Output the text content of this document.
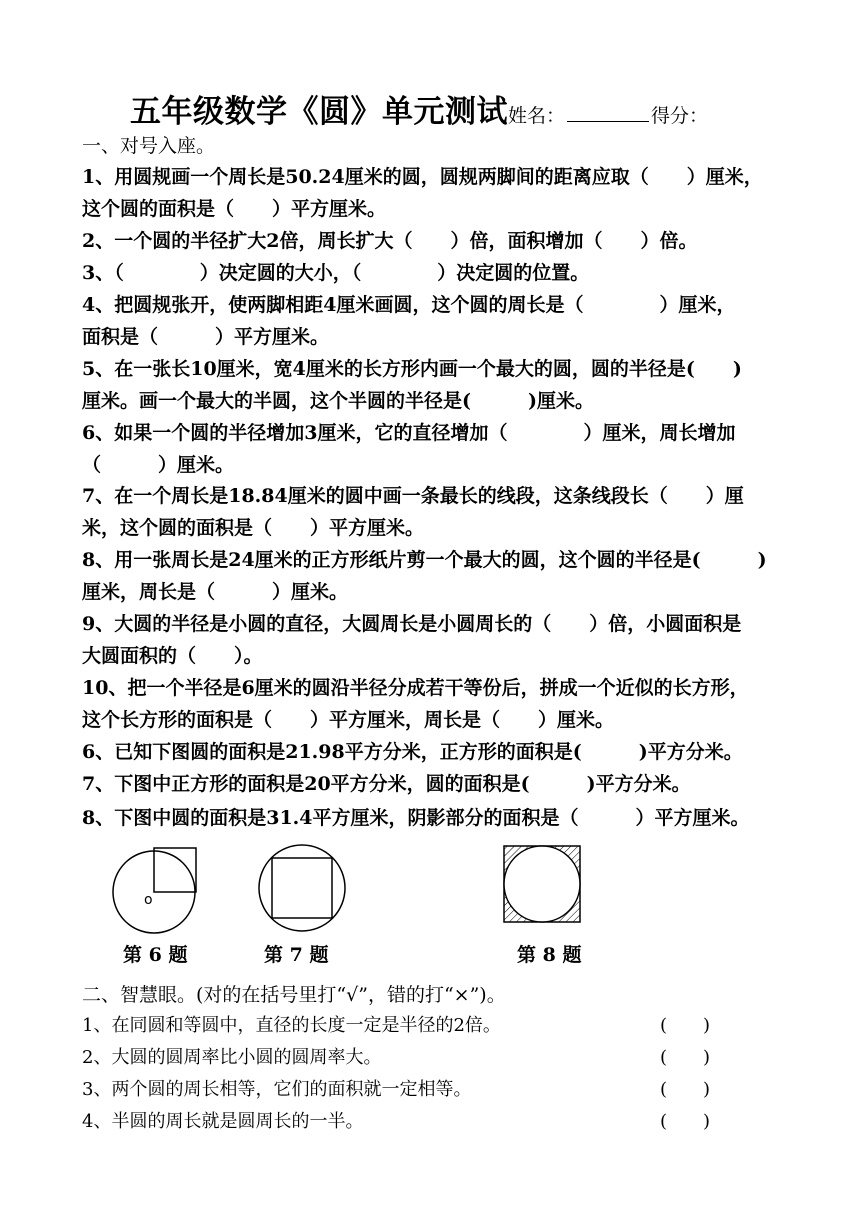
五年级数学《圆》单元测试姓名：	得分：
一、对号入座。
1、用圆规画一个周长是50.24厘米的圆，圆规两脚间的距离应取（　　）厘米，
这个圆的面积是（　　）平方厘米。
2、一个圆的半径扩大2倍，周长扩大（　　）倍，面积增加（　　）倍。
3、（　　　　）决定圆的大小，（　　　　）决定圆的位置。
4、把圆规张开，使两脚相距4厘米画圆，这个圆的周长是（　　　　）厘米，
面积是（　　　）平方厘米。
5、在一张长10厘米，宽4厘米的长方形内画一个最大的圆，圆的半径是(　　)
厘米。画一个最大的半圆，这个半圆的半径是(　　　)厘米。
6、如果一个圆的半径增加3厘米，它的直径增加（　　　　）厘米，周长增加
（　　　）厘米。
7、在一个周长是18.84厘米的圆中画一条最长的线段，这条线段长（　　）厘
米，这个圆的面积是（　　）平方厘米。
8、用一张周长是24厘米的正方形纸片剪一个最大的圆，这个圆的半径是(　　　)
厘米，周长是（　　　）厘米。
9、大圆的半径是小圆的直径，大圆周长是小圆周长的（　　）倍，小圆面积是
大圆面积的（　　）。
10、把一个半径是6厘米的圆沿半径分成若干等份后，拼成一个近似的长方形，
这个长方形的面积是（　　）平方厘米，周长是（　　）厘米。
6、已知下图圆的面积是21.98平方分米，正方形的面积是(　　　)平方分米。
7、下图中正方形的面积是20平方分米，圆的面积是(　　　)平方分米。
8、下图中圆的面积是31.4平方厘米，阴影部分的面积是（　　　）平方厘米。
o
第 6 题	第 7 题	第 8 题
二、智慧眼。(对的在括号里打“√”，错的打“×”)。
1、在同圆和等圆中，直径的长度一定是半径的2倍。	(　　)
2、大圆的圆周率比小圆的圆周率大。	(　　)
3、两个圆的周长相等，它们的面积就一定相等。	(　　)
4、半圆的周长就是圆周长的一半。	(　　)
